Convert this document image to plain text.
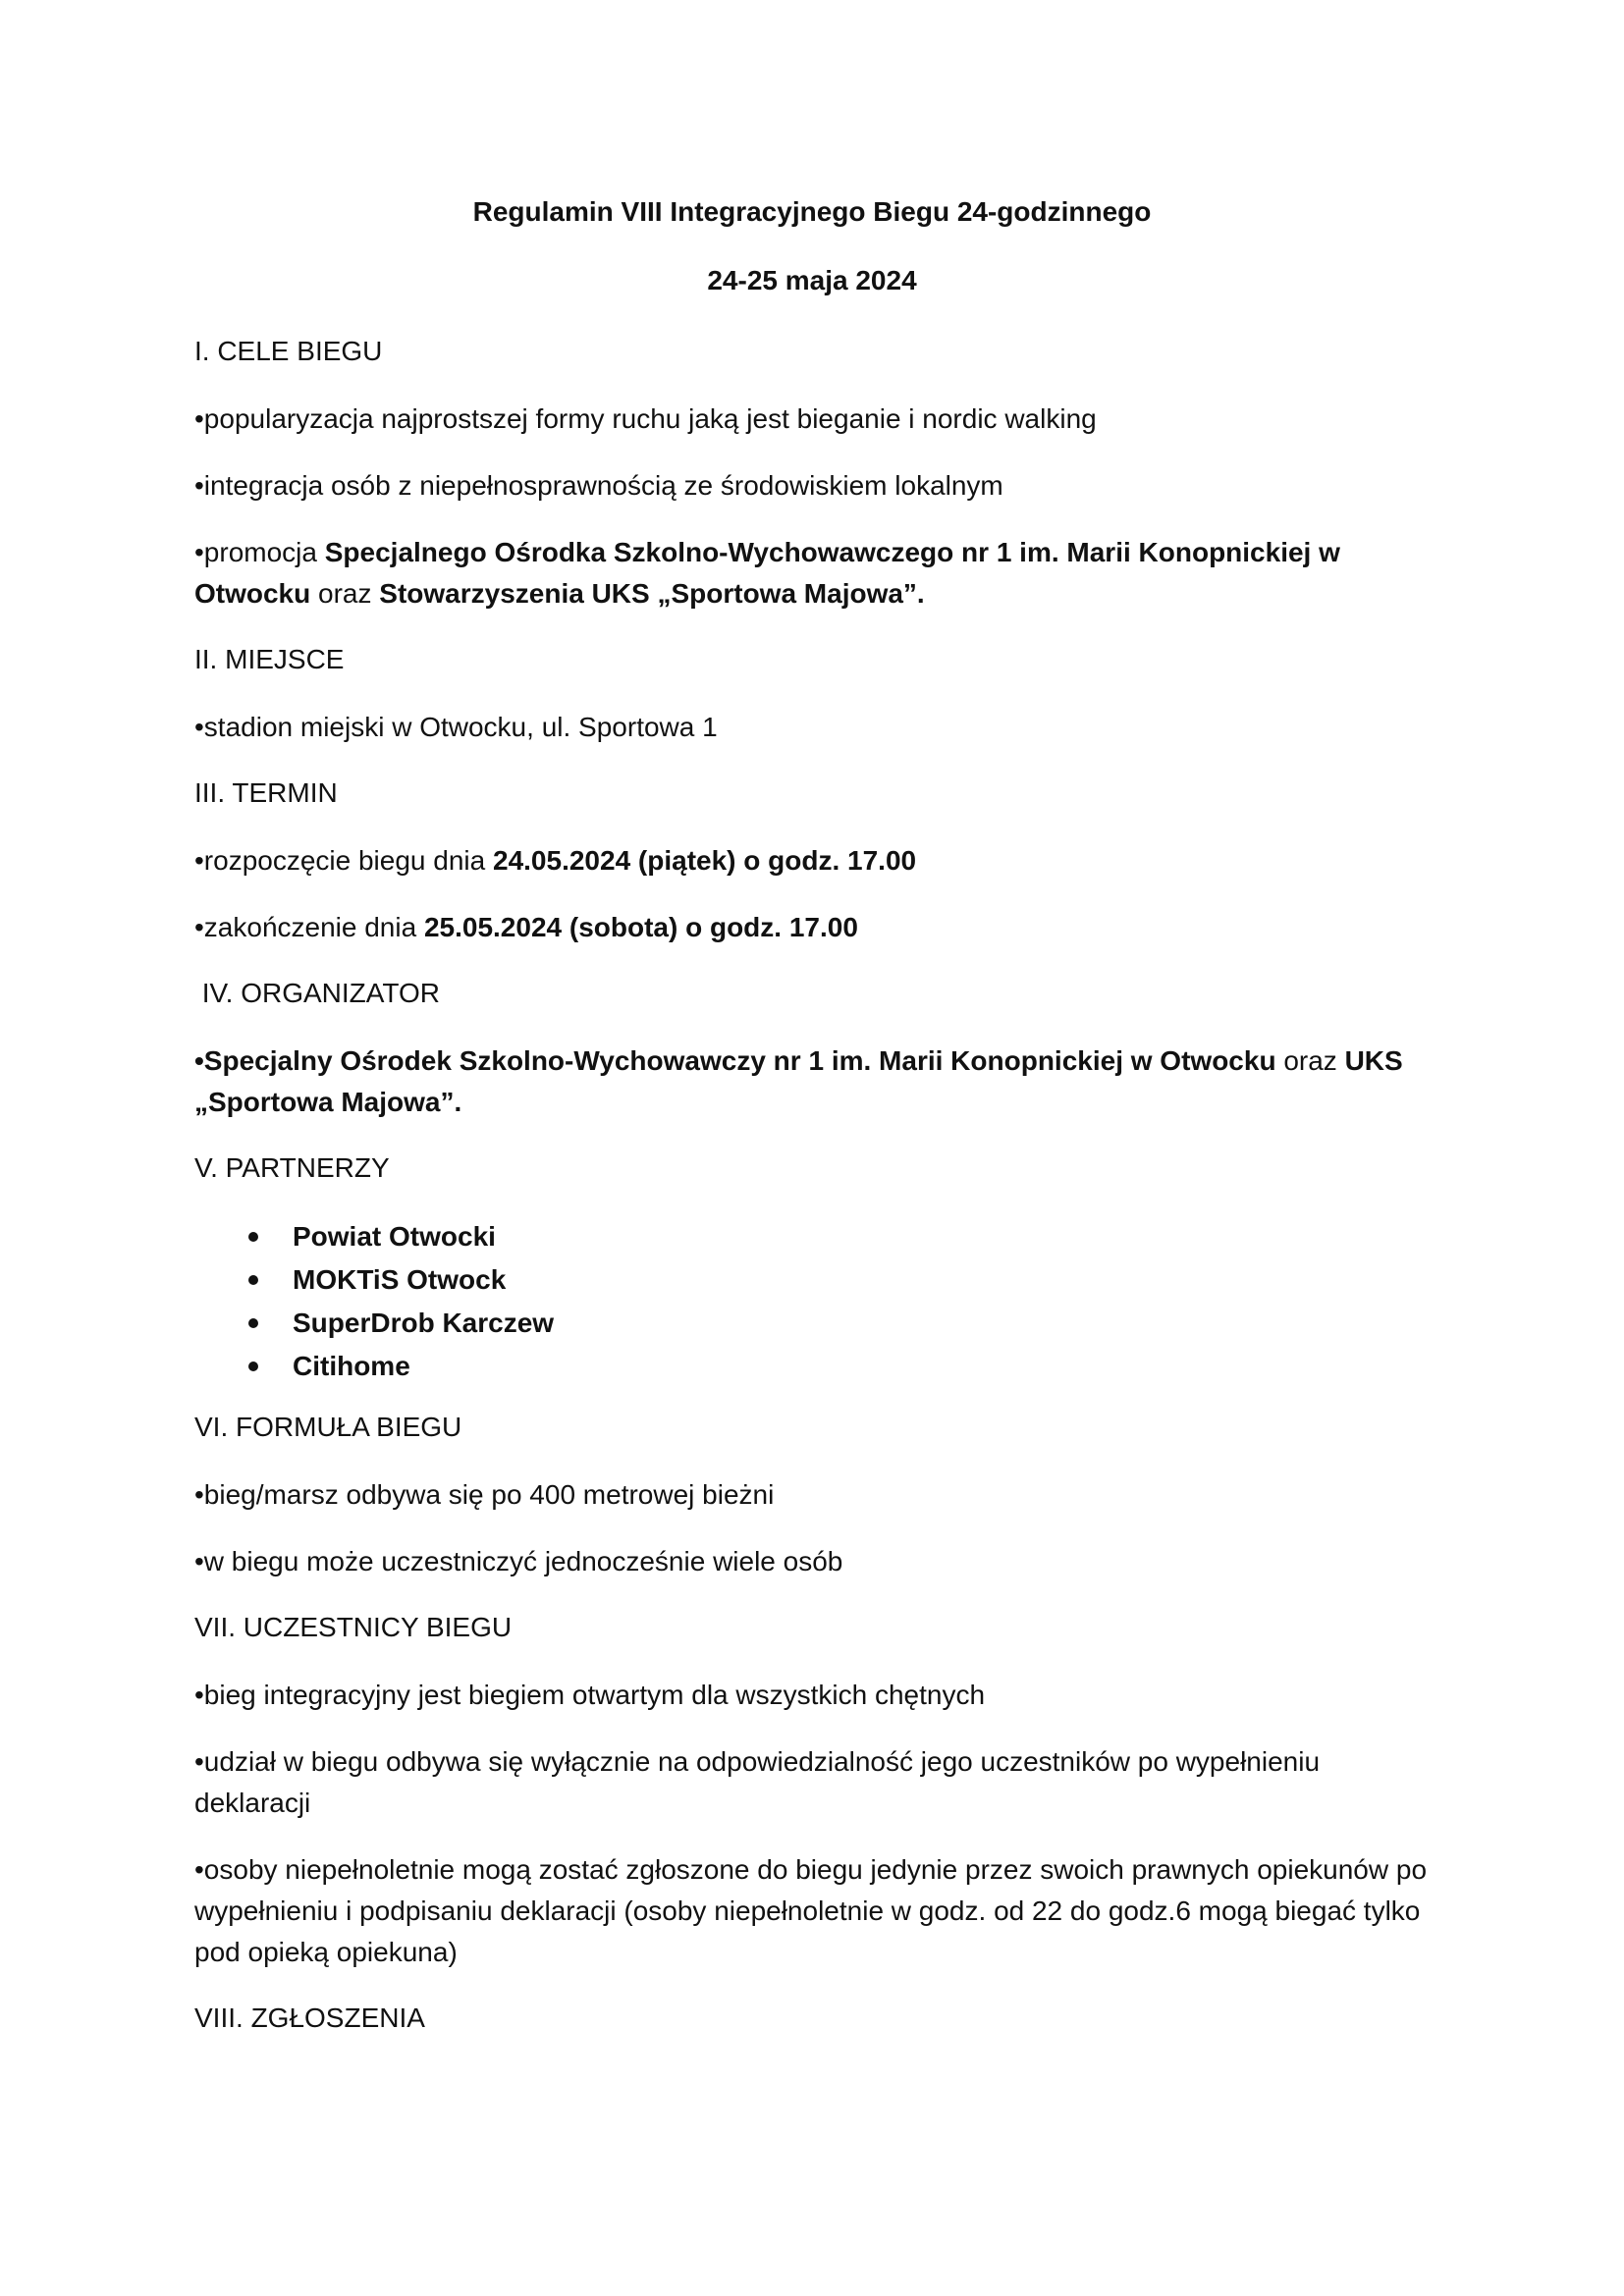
Regulamin VIII Integracyjnego Biegu 24-godzinnego
24-25 maja 2024
I. CELE BIEGU
•popularyzacja najprostszej formy ruchu jaką jest bieganie i nordic walking
•integracja osób z niepełnosprawnością ze środowiskiem lokalnym
•promocja Specjalnego Ośrodka Szkolno-Wychowawczego nr 1 im. Marii Konopnickiej w Otwocku oraz Stowarzyszenia UKS „Sportowa Majowa”.
II. MIEJSCE
•stadion miejski w Otwocku, ul. Sportowa 1
III. TERMIN
•rozpoczęcie biegu dnia 24.05.2024 (piątek) o godz. 17.00
•zakończenie dnia 25.05.2024 (sobota) o godz. 17.00
IV. ORGANIZATOR
•Specjalny Ośrodek Szkolno-Wychowawczy nr 1 im. Marii Konopnickiej w Otwocku oraz UKS „Sportowa Majowa”.
V. PARTNERZY
Powiat Otwocki
MOKTiS Otwock
SuperDrob Karczew
Citihome
VI. FORMUŁA BIEGU
•bieg/marsz odbywa się po 400 metrowej bieżni
•w biegu może uczestniczyć jednocześnie wiele osób
VII. UCZESTNICY BIEGU
•bieg integracyjny jest biegiem otwartym dla wszystkich chętnych
•udział w biegu odbywa się wyłącznie na odpowiedzialność jego uczestników po wypełnieniu deklaracji
•osoby niepełnoletnie mogą zostać zgłoszone do biegu jedynie przez swoich prawnych opiekunów po wypełnieniu i podpisaniu deklaracji (osoby niepełnoletnie w godz. od 22 do godz.6 mogą biegać tylko pod opieką opiekuna)
VIII. ZGŁOSZENIA
